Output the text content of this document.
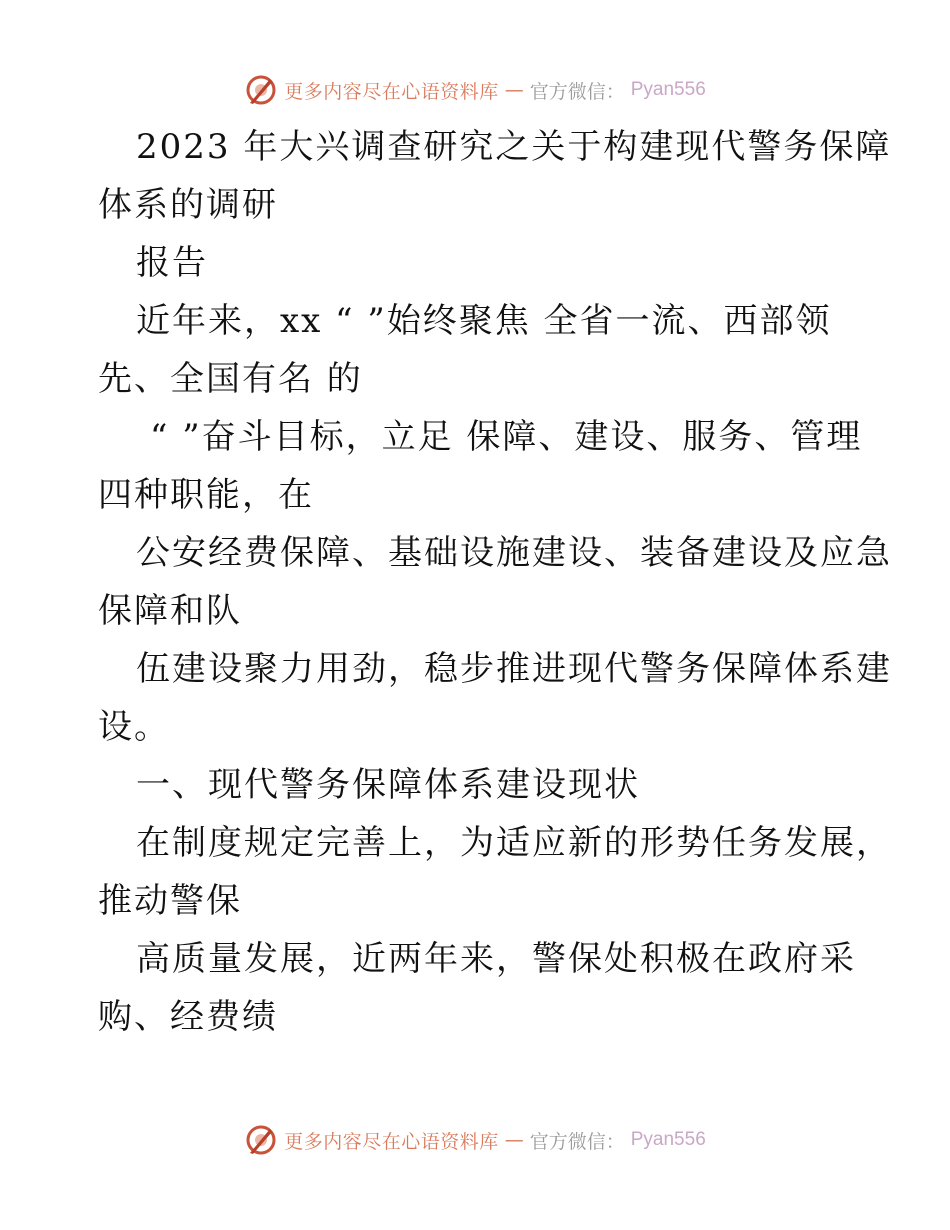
更多内容尽在心语资料库 — 官方微信： Pyan556
2023 年大兴调查研究之关于构建现代警务保障
体系的调研
报告
近年来，xx “ ”始终聚焦 全省一流、西部领
先、全国有名 的
“ ”奋斗目标，立足 保障、建设、服务、管理
四种职能，在
公安经费保障、基础设施建设、装备建设及应急
保障和队
伍建设聚力用劲，稳步推进现代警务保障体系建
设。
一、现代警务保障体系建设现状
在制度规定完善上，为适应新的形势任务发展，
推动警保
高质量发展，近两年来，警保处积极在政府采
购、经费绩
更多内容尽在心语资料库 — 官方微信： Pyan556
